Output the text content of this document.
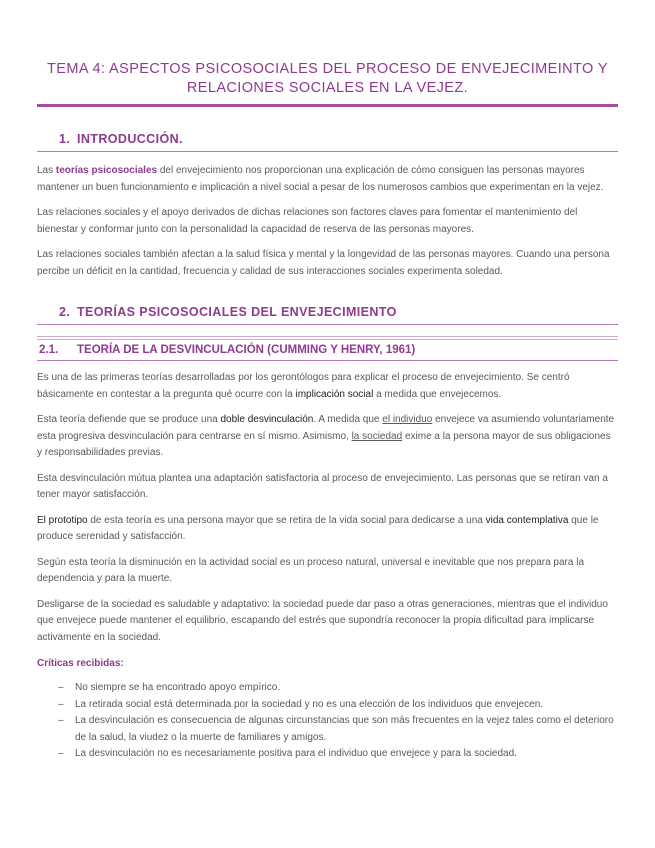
TEMA 4: ASPECTOS PSICOSOCIALES DEL PROCESO DE ENVEJECIMEINTO Y
RELACIONES SOCIALES EN LA VEJEZ.
1. INTRODUCCIÓN.

Las teorías psicosociales del envejecimiento nos proporcionan una explicación de cómo consiguen las personas mayores mantener un buen funcionamiento e implicación a nivel social a pesar de los numerosos cambios que experimentan en la vejez.

Las relaciones sociales y el apoyo derivados de dichas relaciones son factores claves para fomentar el mantenimiento del bienestar y conformar junto con la personalidad la capacidad de reserva de las personas mayores.

Las relaciones sociales también afectan a la salud física y mental y la longevidad de las personas mayores. Cuando una persona percibe un déficit en la cantidad, frecuencia y calidad de sus interacciones sociales experimenta soledad.

2. TEORÍAS PSICOSOCIALES DEL ENVEJECIMIENTO
2.1. TEORÍA DE LA DESVINCULACIÓN (CUMMING Y HENRY, 1961)

Es una de las primeras teorías desarrolladas por los gerontólogos para explicar el proceso de envejecimiento. Se centró básicamente en contestar a la pregunta qué ocurre con la implicación social a medida que envejecemos.

Esta teoría defiende que se produce una doble desvinculación. A medida que el individuo envejece va asumiendo voluntariamente esta progresiva desvinculación para centrarse en sí mismo. Asimismo, la sociedad exime a la persona mayor de sus obligaciones y responsabilidades previas.

Esta desvinculación mútua plantea una adaptación satisfactoria al proceso de envejecimiento. Las personas que se retiran van a tener mayor satisfacción.

El prototipo de esta teoría es una persona mayor que se retira de la vida social para dedicarse a una vida contemplativa que le produce serenidad y satisfacción.

Según esta teoría la disminución en la actividad social es un proceso natural, universal e inevitable que nos prepara para la dependencia y para la muerte.

Desligarse de la sociedad es saludable y adaptativo: la sociedad puede dar paso a otras generaciones, mientras que el individuo que envejece puede mantener el equilibrio, escapando del estrés que supondría reconocer la propia dificultad para implicarse activamente en la sociedad.

Críticas recibidas:

– No siempre se ha encontrado apoyo empírico.
– La retirada social está determinada por la sociedad y no es una elección de los individuos que envejecen.
– La desvinculación es consecuencia de algunas circunstancias que son más frecuentes en la vejez tales como el deterioro de la salud, la viudez o la muerte de familiares y amigos.
– La desvinculación no es necesariamente positiva para el individuo que envejece y para la sociedad.
